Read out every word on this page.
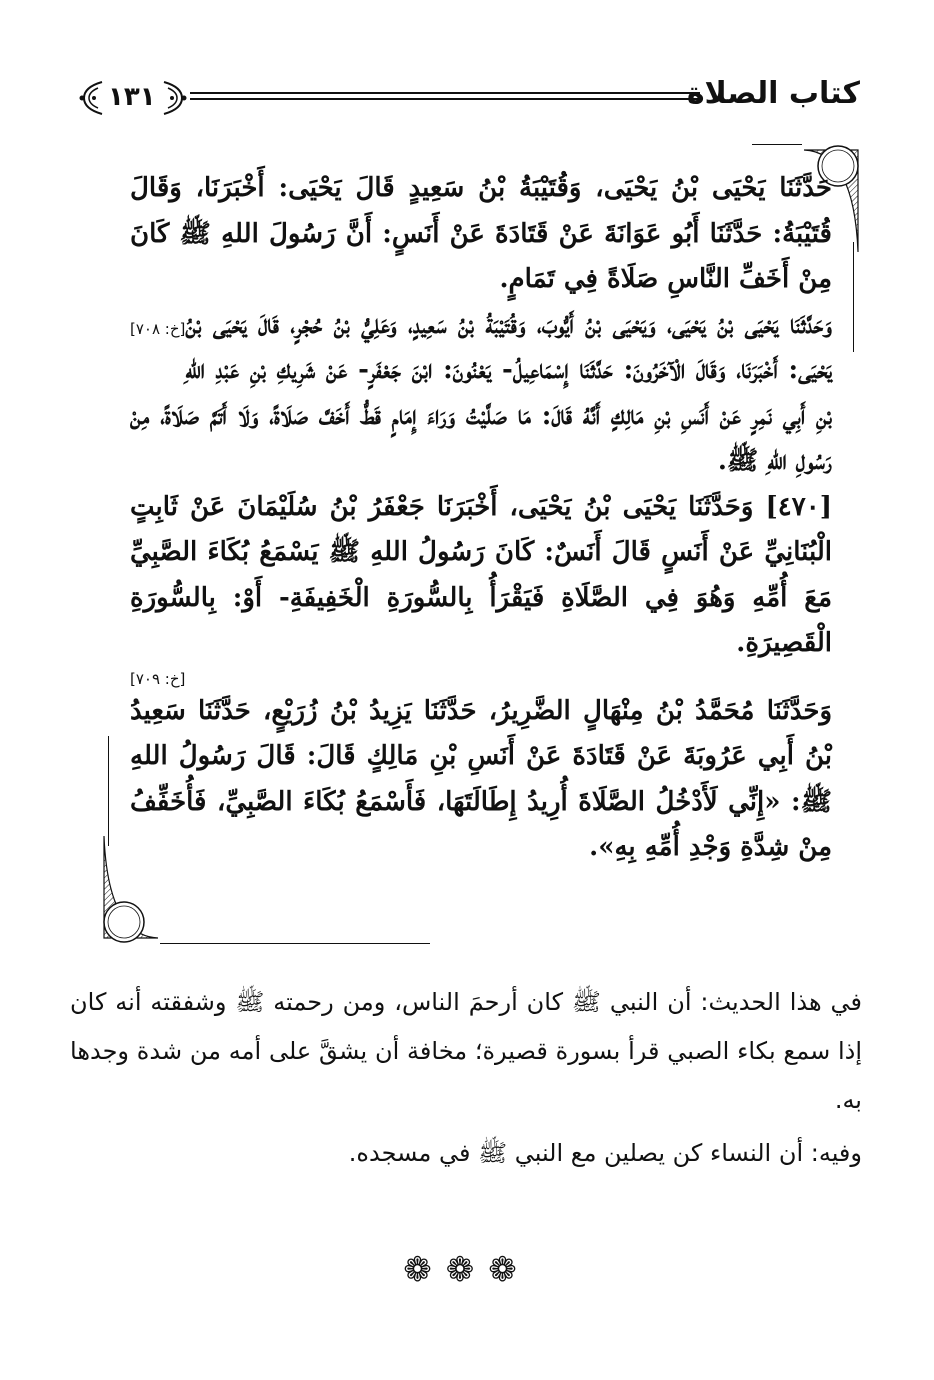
١٣١	كتاب الصلاة

حَدَّثَنَا يَحْيَى بْنُ يَحْيَى، وَقُتَيْبَةُ بْنُ سَعِيدٍ قَالَ يَحْيَى: أَخْبَرَنَا، وَقَالَ قُتَيْبَةُ: حَدَّثَنَا أَبُو عَوَانَةَ عَنْ قَتَادَةَ عَنْ أَنَسٍ: أَنَّ رَسُولَ اللهِ ﷺ كَانَ مِنْ أَخَفِّ النَّاسِ صَلَاةً فِي تَمَامٍ.

[خ: ٧٠٨] وَحَدَّثَنَا يَحْيَى بْنُ يَحْيَى، وَيَحْيَى بْنُ أَيُّوبَ، وَقُتَيْبَةُ بْنُ سَعِيدٍ، وَعَلِيُّ بْنُ حُجْرٍ، قَالَ يَحْيَى بْنُ يَحْيَى: أَخْبَرَنَا، وَقَالَ الْآخَرُونَ: حَدَّثَنَا إِسْمَاعِيلُ- يَعْنُونَ: ابْنَ جَعْفَرٍ- عَنْ شَرِيكِ بْنِ عَبْدِ اللهِ بْنِ أَبِي نَمِرٍ عَنْ أَنَسِ بْنِ مَالِكٍ أَنَّهُ قَالَ: مَا صَلَّيْتُ وَرَاءَ إِمَامٍ قَطُّ أَخَفَّ صَلَاةً، وَلَا أَتَمَّ صَلَاةً، مِنْ رَسُولِ اللهِ ﷺ.

[٤٧٠] وَحَدَّثَنَا يَحْيَى بْنُ يَحْيَى، أَخْبَرَنَا جَعْفَرُ بْنُ سُلَيْمَانَ عَنْ ثَابِتٍ الْبُنَانِيِّ عَنْ أَنَسٍ قَالَ أَنَسٌ: كَانَ رَسُولُ اللهِ ﷺ يَسْمَعُ بُكَاءَ الصَّبِيِّ مَعَ أُمِّهِ وَهُوَ فِي الصَّلَاةِ فَيَقْرَأُ بِالسُّورَةِ الْخَفِيفَةِ- أَوْ: بِالسُّورَةِ الْقَصِيرَةِ.

[خ: ٧٠٩]

وَحَدَّثَنَا مُحَمَّدُ بْنُ مِنْهَالٍ الضَّرِيرُ، حَدَّثَنَا يَزِيدُ بْنُ زُرَيْعٍ، حَدَّثَنَا سَعِيدُ بْنُ أَبِي عَرُوبَةَ عَنْ قَتَادَةَ عَنْ أَنَسِ بْنِ مَالِكٍ قَالَ: قَالَ رَسُولُ اللهِ ﷺ: «إِنِّي لَأَدْخُلُ الصَّلَاةَ أُرِيدُ إِطَالَتَهَا، فَأَسْمَعُ بُكَاءَ الصَّبِيِّ، فَأُخَفِّفُ مِنْ شِدَّةِ وَجْدِ أُمِّهِ بِهِ».

في هذا الحديث: أن النبي ﷺ كان أرحمَ الناس، ومن رحمته ﷺ وشفقته أنه كان إذا سمع بكاء الصبي قرأ بسورة قصيرة؛ مخافة أن يشقَّ على أمه من شدة وجدها به.

وفيه: أن النساء كن يصلين مع النبي ﷺ في مسجده.

❁❁❁
